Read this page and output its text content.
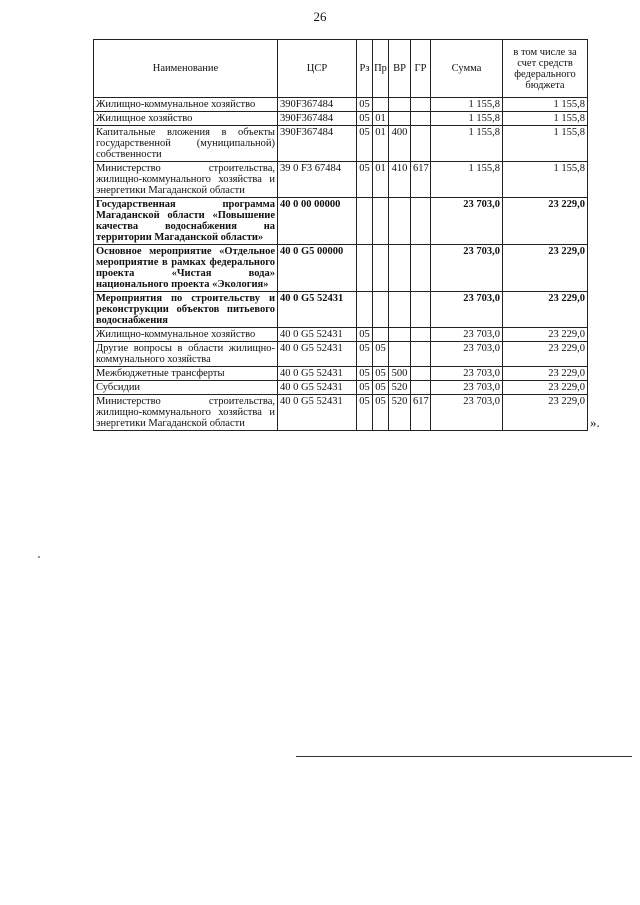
26
Наименование	ЦСР	Рз	Пр	ВР	ГР	Сумма	в том числе за счет средств федерального бюджета
Жилищно-коммунальное хозяйство	390F367484	05				1 155,8	1 155,8
Жилищное хозяйство	390F367484	05	01			1 155,8	1 155,8
Капитальные вложения в объекты государственной (муниципальной) собственности	390F367484	05	01	400		1 155,8	1 155,8
Министерство строительства, жилищно-коммунального хозяйства и энергетики Магаданской области	39 0 F3 67484	05	01	410	617	1 155,8	1 155,8
Государственная программа Магаданской области «Повышение качества водоснабжения на территории Магаданской области»	40 0 00 00000					23 703,0	23 229,0
Основное мероприятие «Отдельное мероприятие в рамках федерального проекта «Чистая вода» национального проекта «Экология»	40 0 G5 00000					23 703,0	23 229,0
Мероприятия по строительству и реконструкции объектов питьевого водоснабжения	40 0 G5 52431					23 703,0	23 229,0
Жилищно-коммунальное хозяйство	40 0 G5 52431	05				23 703,0	23 229,0
Другие вопросы в области жилищно-коммунального хозяйства	40 0 G5 52431	05	05			23 703,0	23 229,0
Межбюджетные трансферты	40 0 G5 52431	05	05	500		23 703,0	23 229,0
Субсидии	40 0 G5 52431	05	05	520		23 703,0	23 229,0
Министерство строительства, жилищно-коммунального хозяйства и энергетики Магаданской области	40 0 G5 52431	05	05	520	617	23 703,0	23 229,0
».
